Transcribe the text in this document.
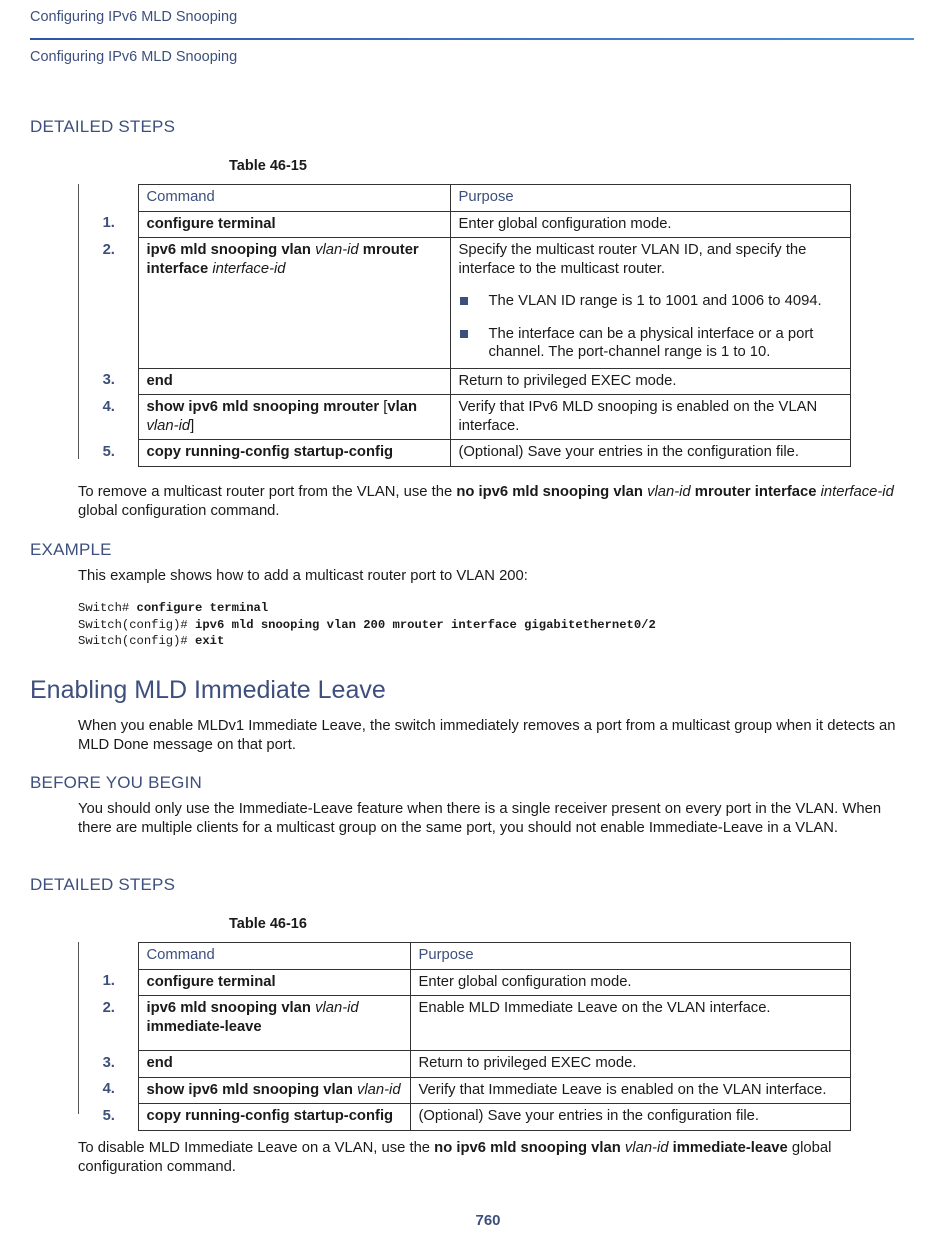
Configuring IPv6 MLD Snooping
Configuring IPv6 MLD Snooping
DETAILED STEPS
Table 46-15
	Command	Purpose
1.	configure terminal	Enter global configuration mode.
2.	ipv6 mld snooping vlan vlan-id mrouter interface interface-id	Specify the multicast router VLAN ID, and specify the interface to the multicast router.
The VLAN ID range is 1 to 1001 and 1006 to 4094.
The interface can be a physical interface or a port channel. The port-channel range is 1 to 10.

3.	end	Return to privileged EXEC mode.
4.	show ipv6 mld snooping mrouter [vlan vlan-id]	Verify that IPv6 MLD snooping is enabled on the VLAN interface.
5.	copy running-config startup-config	(Optional) Save your entries in the configuration file.
To remove a multicast router port from the VLAN, use the no ipv6 mld snooping vlan vlan-id mrouter interface interface-id global configuration command.
EXAMPLE
This example shows how to add a multicast router port to VLAN 200:
Switch# configure terminal
Switch(config)# ipv6 mld snooping vlan 200 mrouter interface gigabitethernet0/2
Switch(config)# exit
Enabling MLD Immediate Leave
When you enable MLDv1 Immediate Leave, the switch immediately removes a port from a multicast group when it detects an MLD Done message on that port.
BEFORE YOU BEGIN
You should only use the Immediate-Leave feature when there is a single receiver present on every port in the VLAN. When there are multiple clients for a multicast group on the same port, you should not enable Immediate-Leave in a VLAN.
DETAILED STEPS
Table 46-16
	Command	Purpose
1.	configure terminal	Enter global configuration mode.
2.	ipv6 mld snooping vlan vlan-id
immediate-leave	Enable MLD Immediate Leave on the VLAN interface.
3.	end	Return to privileged EXEC mode.
4.	show ipv6 mld snooping vlan vlan-id	Verify that Immediate Leave is enabled on the VLAN interface.
5.	copy running-config startup-config	(Optional) Save your entries in the configuration file.
To disable MLD Immediate Leave on a VLAN, use the no ipv6 mld snooping vlan vlan-id immediate-leave global configuration command.
760
